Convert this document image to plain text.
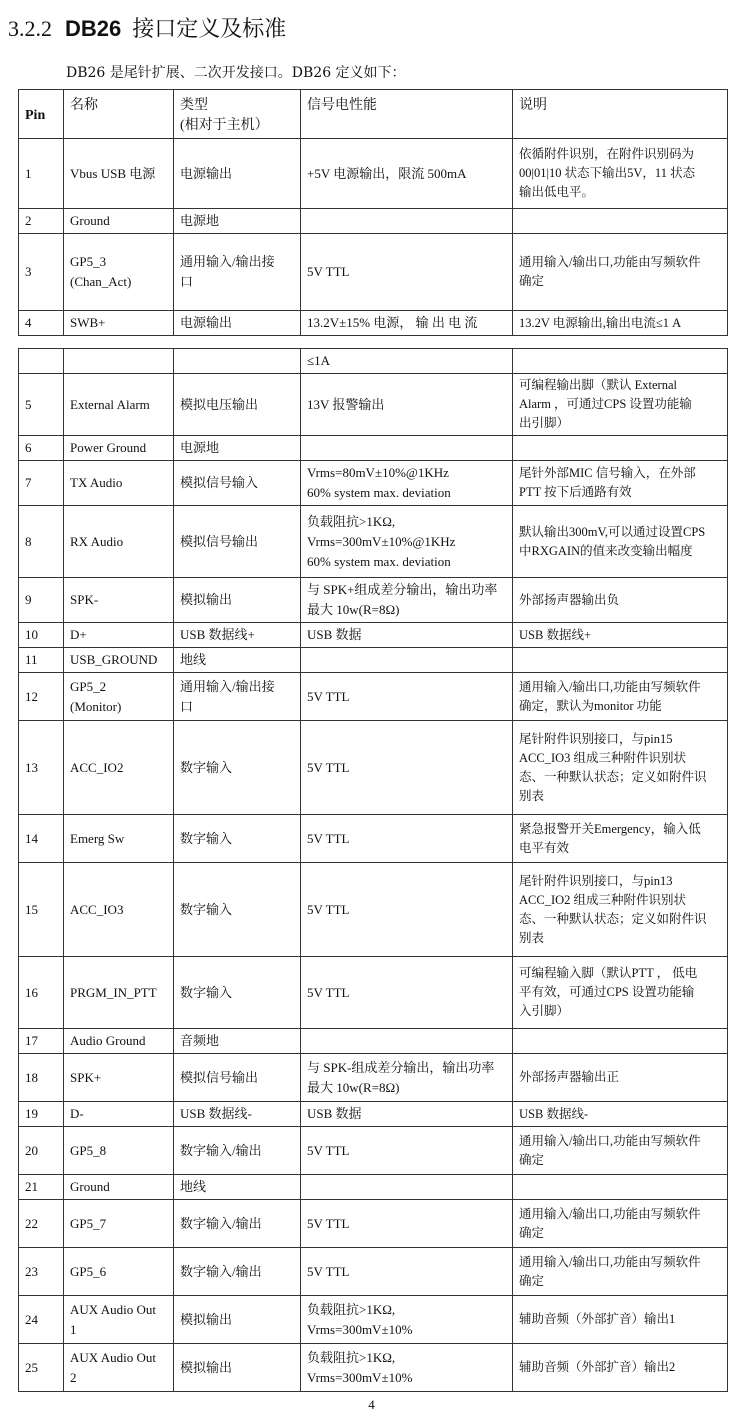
3.2.2 DB26 接口定义及标准
DB26 是尾针扩展、二次开发接口。DB26 定义如下：
Pin	名称	类型
(相对于主机）	信号电性能	说明

1	Vbus USB 电源	电源输出	+5V 电源输出，限流 500mA	依循附件识别，在附件识别码为
00|01|10 状态下输出5V，11 状态
输出低电平。

2	Ground	电源地		

3	GP5_3
(Chan_Act)	通用输入/输出接
口	5V TTL	通用输入/输出口,功能由写频软件
确定

4	SWB+	电源输出	13.2V±15% 电源， 输 出 电 流	13.2V 电源输出,输出电流≤1 A

			≤1A	

5	External Alarm	模拟电压输出	13V 报警输出	可编程输出脚（默认 External
Alarm ，可通过CPS 设置功能输
出引脚）

6	Power Ground	电源地		

7	TX Audio	模拟信号输入	Vrms=80mV±10%@1KHz
60% system max. deviation	尾针外部MIC 信号输入，在外部
PTT 按下后通路有效

8	RX Audio	模拟信号输出	负载阻抗>1KΩ,
Vrms=300mV±10%@1KHz
60% system max. deviation	默认输出300mV,可以通过设置CPS
中RXGAIN的值来改变输出幅度

9	SPK-	模拟输出	与 SPK+组成差分输出，输出功率
最大 10w(R=8Ω)	外部扬声器输出负

10	D+	USB 数据线+	USB 数据	USB 数据线+

11	USB_GROUND	地线		

12	GP5_2
(Monitor)	通用输入/输出接
口	5V TTL	通用输入/输出口,功能由写频软件
确定，默认为monitor 功能

13	ACC_IO2	数字输入	5V TTL	尾针附件识别接口，与pin15
ACC_IO3 组成三种附件识别状
态、一种默认状态；定义如附件识
别表

14	Emerg Sw	数字输入	5V TTL	紧急报警开关Emergency，输入低
电平有效

15	ACC_IO3	数字输入	5V TTL	尾针附件识别接口，与pin13
ACC_IO2 组成三种附件识别状
态、一种默认状态；定义如附件识
别表

16	PRGM_IN_PTT	数字输入	5V TTL	可编程输入脚（默认PTT ， 低电
平有效，可通过CPS 设置功能输
入引脚）

17	Audio Ground	音频地		

18	SPK+	模拟信号输出	与 SPK-组成差分输出，输出功率
最大 10w(R=8Ω)	外部扬声器输出正

19	D-	USB 数据线-	USB 数据	USB 数据线-

20	GP5_8	数字输入/输出	5V TTL	通用输入/输出口,功能由写频软件
确定

21	Ground	地线		

22	GP5_7	数字输入/输出	5V TTL	通用输入/输出口,功能由写频软件
确定

23	GP5_6	数字输入/输出	5V TTL	通用输入/输出口,功能由写频软件
确定

24	AUX Audio Out
1	模拟输出	负载阻抗>1KΩ,
Vrms=300mV±10%	辅助音频（外部扩音）输出1

25	AUX Audio Out
2	模拟输出	负载阻抗>1KΩ,
Vrms=300mV±10%	辅助音频（外部扩音）输出2
4
